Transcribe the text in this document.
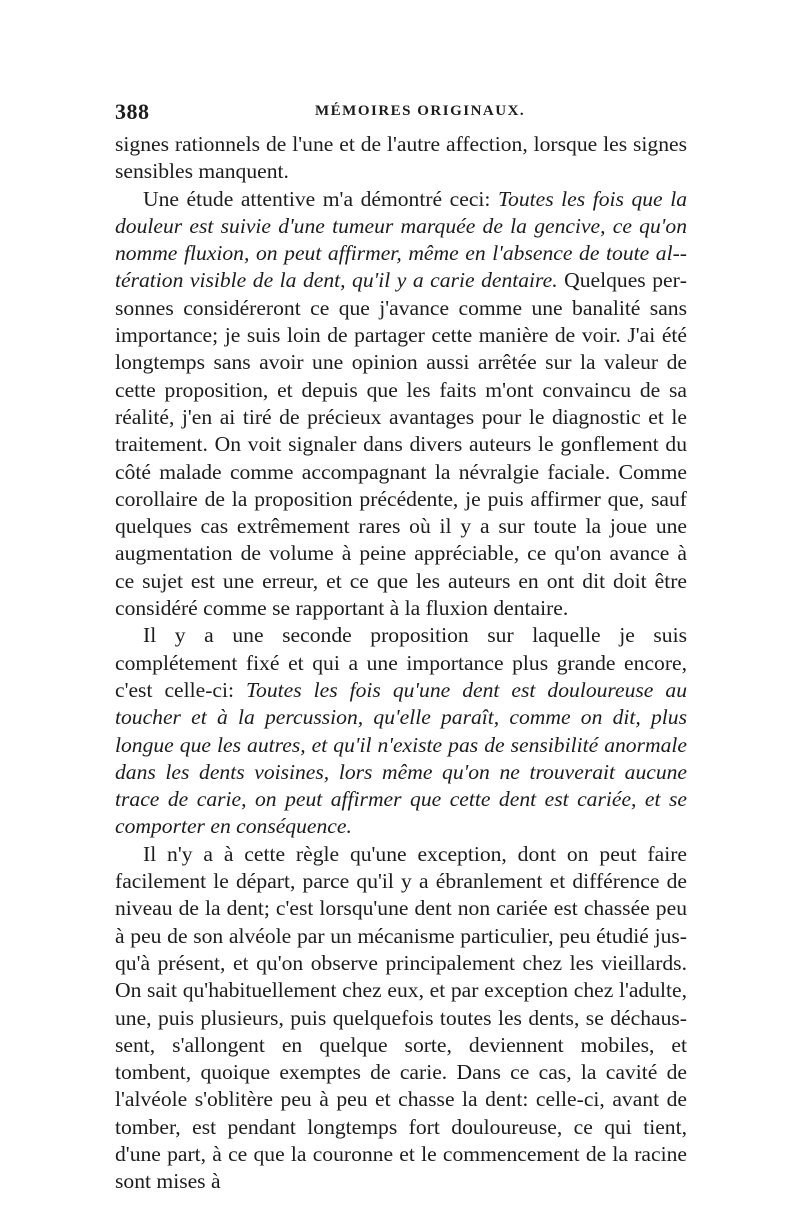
388	MÉMOIRES ORIGINAUX.

signes rationnels de l'une et de l'autre affection, lorsque les signes sensibles manquent.

Une étude attentive m'a démontré ceci: Toutes les fois que la douleur est suivie d'une tumeur marquée de la gencive, ce qu'on nomme fluxion, on peut affirmer, même en l'absence de toute al-tération visible de la dent, qu'il y a carie dentaire. Quelques personnes considéreront ce que j'avance comme une banalité sans importance; je suis loin de partager cette manière de voir. J'ai été longtemps sans avoir une opinion aussi arrêtée sur la valeur de cette proposition, et depuis que les faits m'ont convaincu de sa réalité, j'en ai tiré de précieux avantages pour le diagnostic et le traitement. On voit signaler dans divers auteurs le gonflement du côté malade comme accompagnant la névralgie faciale. Comme corollaire de la proposition précédente, je puis affirmer que, sauf quelques cas extrêmement rares où il y a sur toute la joue une augmentation de volume à peine appréciable, ce qu'on avance à ce sujet est une erreur, et ce que les auteurs en ont dit doit être considéré comme se rapportant à la fluxion dentaire.

Il y a une seconde proposition sur laquelle je suis complétement fixé et qui a une importance plus grande encore, c'est celle-ci: Toutes les fois qu'une dent est douloureuse au toucher et à la percussion, qu'elle paraît, comme on dit, plus longue que les autres, et qu'il n'existe pas de sensibilité anormale dans les dents voisines, lors même qu'on ne trouverait aucune trace de carie, on peut affirmer que cette dent est cariée, et se comporter en conséquence.

Il n'y a à cette règle qu'une exception, dont on peut faire facilement le départ, parce qu'il y a ébranlement et différence de niveau de la dent; c'est lorsqu'une dent non cariée est chassée peu à peu de son alvéole par un mécanisme particulier, peu étudié jusqu'à présent, et qu'on observe principalement chez les vieillards. On sait qu'habituellement chez eux, et par exception chez l'adulte, une, puis plusieurs, puis quelquefois toutes les dents, se déchaussent, s'allongent en quelque sorte, deviennent mobiles, et tombent, quoique exemptes de carie. Dans ce cas, la cavité de l'alvéole s'oblitère peu à peu et chasse la dent: celle-ci, avant de tomber, est pendant longtemps fort douloureuse, ce qui tient, d'une part, à ce que la couronne et le commencement de la racine sont mises à
